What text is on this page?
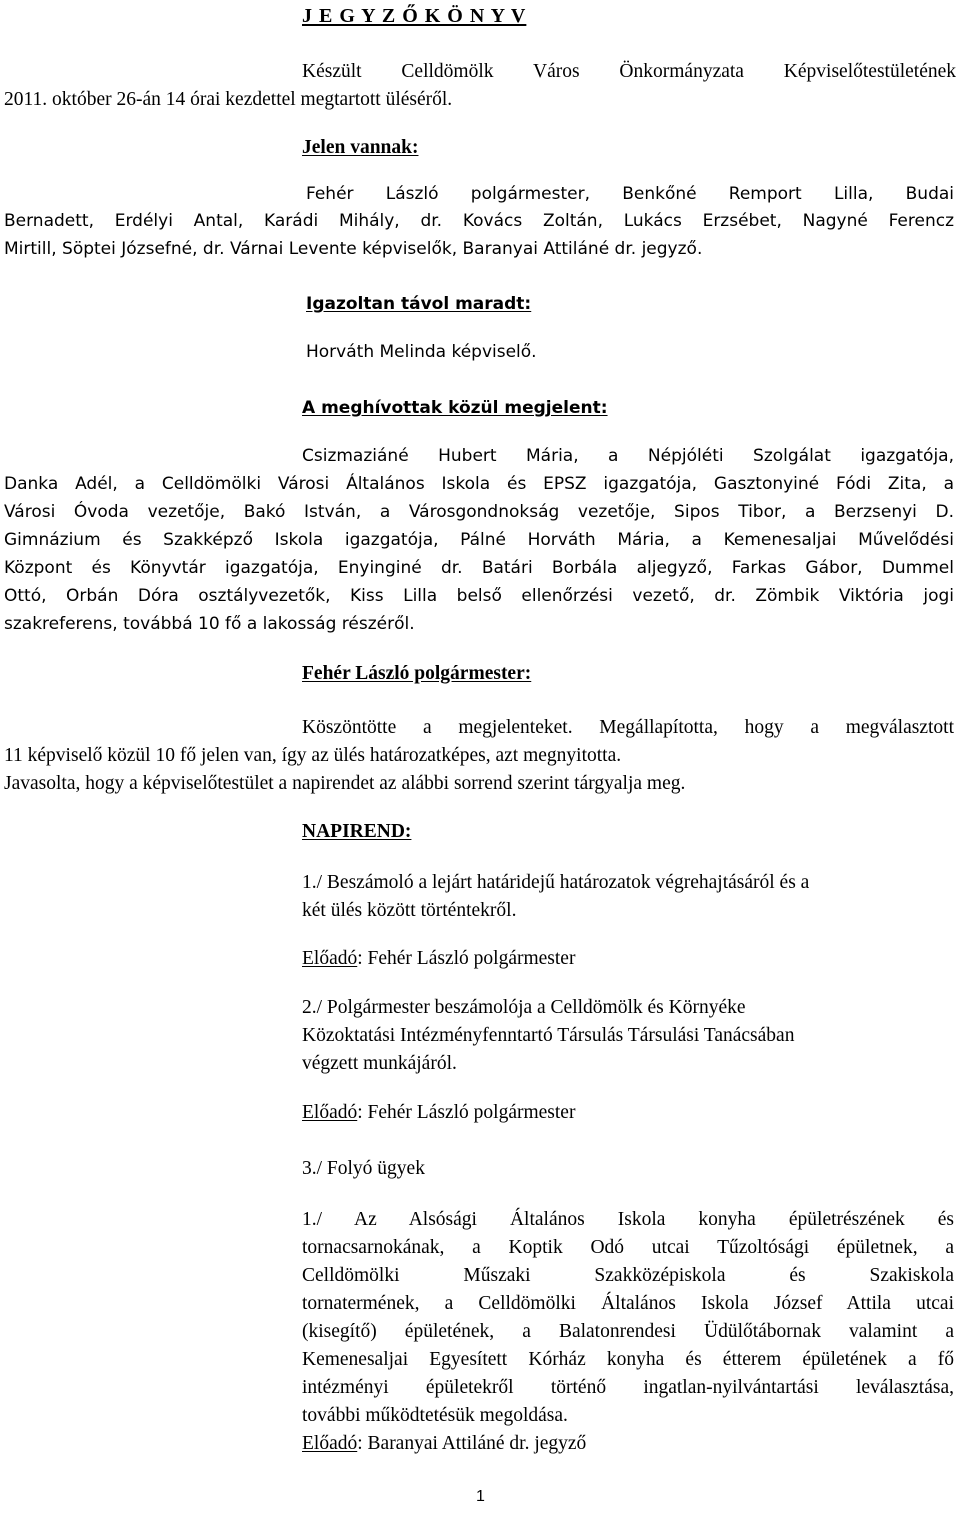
J E G Y Z Ő K Ö N Y V
Készült Celldömölk Város Önkormányzata Képviselőtestületének
2011. október 26-án 14 órai kezdettel megtartott üléséről.
Jelen vannak:
Fehér László polgármester, Benkőné Remport Lilla, Budai
Bernadett, Erdélyi Antal, Karádi Mihály, dr. Kovács Zoltán, Lukács Erzsébet, Nagyné Ferencz
Mirtill, Söptei Józsefné, dr. Várnai Levente képviselők, Baranyai Attiláné dr. jegyző.
Igazoltan távol maradt:
Horváth Melinda képviselő.
A meghívottak közül megjelent:
Csizmaziáné Hubert Mária, a Népjóléti Szolgálat igazgatója,
Danka Adél, a Celldömölki Városi Általános Iskola és EPSZ igazgatója, Gasztonyiné Fódi Zita, a
Városi Óvoda vezetője, Bakó István, a Városgondnokság vezetője, Sipos Tibor, a Berzsenyi D.
Gimnázium és Szakképző Iskola igazgatója, Pálné Horváth Mária, a Kemenesaljai Művelődési
Központ és Könyvtár igazgatója, Enyinginé dr. Batári Borbála aljegyző, Farkas Gábor, Dummel
Ottó, Orbán Dóra osztályvezetők, Kiss Lilla belső ellenőrzési vezető, dr. Zömbik Viktória jogi
szakreferens, továbbá 10 fő a lakosság részéről.
Fehér László polgármester:
Köszöntötte a megjelenteket. Megállapította, hogy a megválasztott
11 képviselő közül 10 fő jelen van, így az ülés határozatképes, azt megnyitotta.
Javasolta, hogy a képviselőtestület a napirendet az alábbi sorrend szerint tárgyalja meg.
NAPIREND:
1./ Beszámoló a lejárt határidejű határozatok végrehajtásáról és a
két ülés között történtekről.
Előadó: Fehér László polgármester
2./ Polgármester beszámolója a Celldömölk és Környéke
Közoktatási Intézményfenntartó Társulás Társulási Tanácsában
végzett munkájáról.
Előadó: Fehér László polgármester
3./ Folyó ügyek
1./ Az Alsósági Általános Iskola konyha épületrészének és
tornacsarnokának, a Koptik Odó utcai Tűzoltósági épületnek, a
Celldömölki Műszaki Szakközépiskola és Szakiskola
tornatermének, a Celldömölki Általános Iskola József Attila utcai
(kisegítő) épületének, a Balatonrendesi Üdülőtábornak valamint a
Kemenesaljai Egyesített Kórház konyha és étterem épületének a fő
intézményi épületekről történő ingatlan-nyilvántartási leválasztása,
további működtetésük megoldása.
Előadó: Baranyai Attiláné dr. jegyző
1
